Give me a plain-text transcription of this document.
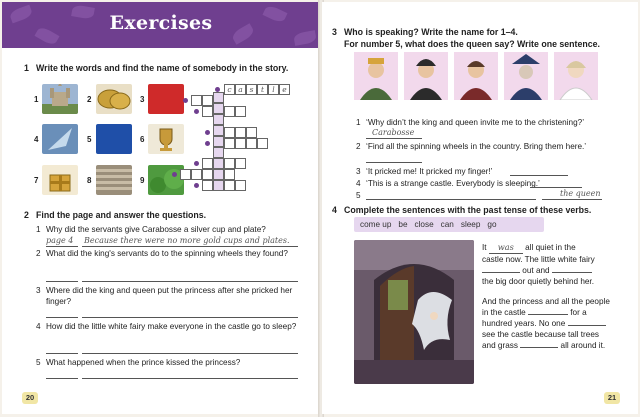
Exercises
1 Write the words and find the name of somebody in the story.
1	2	3
4	5	6
7	8	9
c a s	t	l	e
2 Find the page and answer the questions.
1 Why did the servants give Carabosse a silver cup and plate?
page 4 Because there were no more gold cups and plates.
2 What did the king's servants do to the spinning wheels they found?
3 Where did the king and queen put the princess after she pricked her finger?
4 How did the little white fairy make everyone in the castle go to sleep?
5 What happened when the prince kissed the princess?
20
3 Who is speaking? Write the name for 1–4.
For number 5, what does the queen say? Write one sentence.
1 ‘Why didn’t the king and queen invite me to the christening?’
Carabosse
2 ‘Find all the spinning wheels in the country. Bring them here.’
3 ‘It pricked me! It pricked my finger!’
4 ‘This is a strange castle. Everybody is sleeping.’
5	the queen
4 Complete the sentences with the past tense of these verbs.
come up be close can sleep go
It was all quiet in the
castle now. The little white fairy
out and
the big door quietly behind her.
And the princess and all the people
in the castle	for a
hundred years. No one
see the castle because tall trees
and grass	all around it.
21
